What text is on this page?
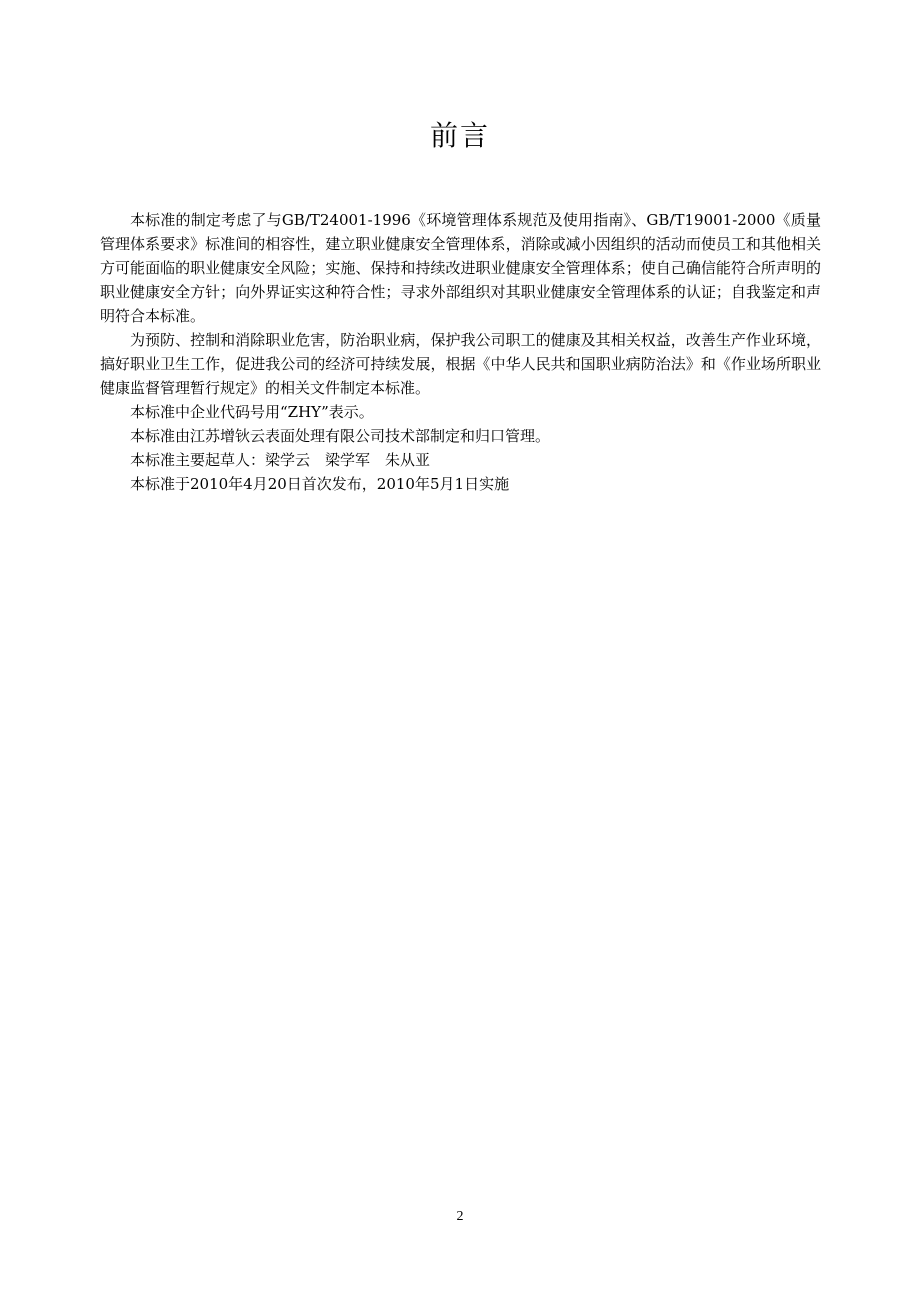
前言

本标准的制定考虑了与GB/T24001-1996《环境管理体系规范及使用指南》、GB/T19001-2000《质量管理体系要求》标准间的相容性，建立职业健康安全管理体系，消除或减小因组织的活动而使员工和其他相关方可能面临的职业健康安全风险；实施、保持和持续改进职业健康安全管理体系；使自己确信能符合所声明的职业健康安全方针；向外界证实这种符合性；寻求外部组织对其职业健康安全管理体系的认证；自我鉴定和声明符合本标准。

为预防、控制和消除职业危害，防治职业病，保护我公司职工的健康及其相关权益，改善生产作业环境，搞好职业卫生工作，促进我公司的经济可持续发展，根据《中华人民共和国职业病防治法》和《作业场所职业健康监督管理暂行规定》的相关文件制定本标准。

本标准中企业代码号用“ZHY”表示。

本标准由江苏增钬云表面处理有限公司技术部制定和归口管理。

本标准主要起草人：梁学云　梁学军　朱从亚

本标准于2010年4月20日首次发布，2010年5月1日实施

2
